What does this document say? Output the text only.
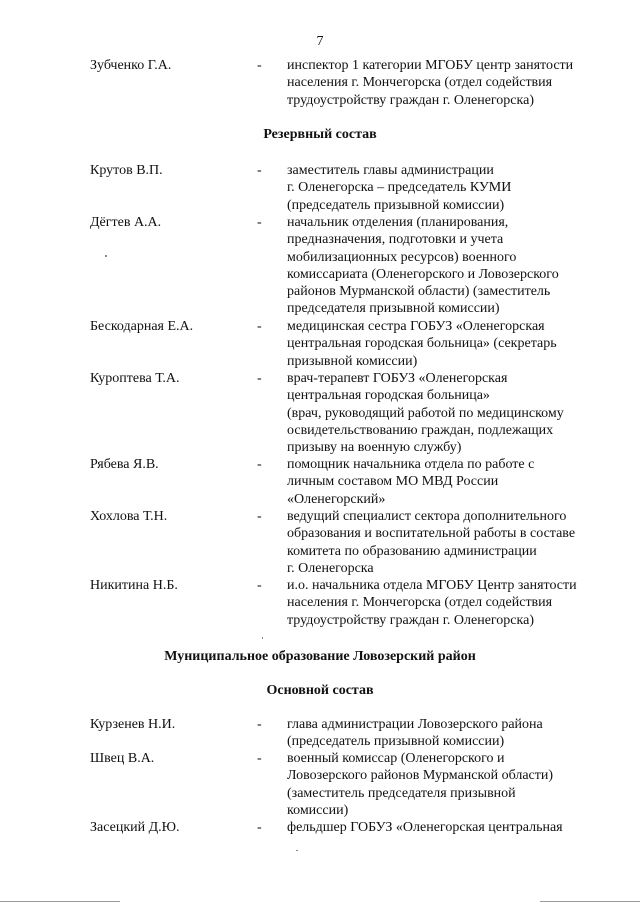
7
Зубченко Г.А.	- инспектор 1 категории МГОБУ центр занятости
населения г. Мончегорска (отдел содействия
трудоустройству граждан г. Оленегорска)
Резервный состав
Крутов В.П.	- заместитель главы администрации
г. Оленегорска – председатель КУМИ
(председатель призывной комиссии)
Дёгтев А.А.	- начальник отделения (планирования,
предназначения, подготовки и учета
мобилизационных ресурсов) военного
комиссариата (Оленегорского и Ловозерского
районов Мурманской области) (заместитель
председателя призывной комиссии)
Бескодарная Е.А.	- медицинская сестра ГОБУЗ «Оленегорская
центральная городская больница» (секретарь
призывной комиссии)
Куроптева Т.А.	- врач-терапевт ГОБУЗ «Оленегорская
центральная городская больница»
(врач, руководящий работой по медицинскому
освидетельствованию граждан, подлежащих
призыву на военную службу)
Рябева Я.В.	- помощник начальника отдела по работе с
личным составом МО МВД России
«Оленегорский»
Хохлова Т.Н.	- ведущий специалист сектора дополнительного
образования и воспитательной работы в составе
комитета по образованию администрации
г. Оленегорска
Никитина Н.Б.	- и.о. начальника отдела МГОБУ Центр занятости
населения г. Мончегорска (отдел содействия
трудоустройству граждан г. Оленегорска)
Муниципальное образование Ловозерский район
Основной состав
Курзенев Н.И.	- глава администрации Ловозерского района
(председатель призывной комиссии)
Швец В.А.	- военный комиссар (Оленегорского и
Ловозерского районов Мурманской области)
(заместитель председателя призывной
комиссии)
Засецкий Д.Ю.	- фельдшер ГОБУЗ «Оленегорская центральная
